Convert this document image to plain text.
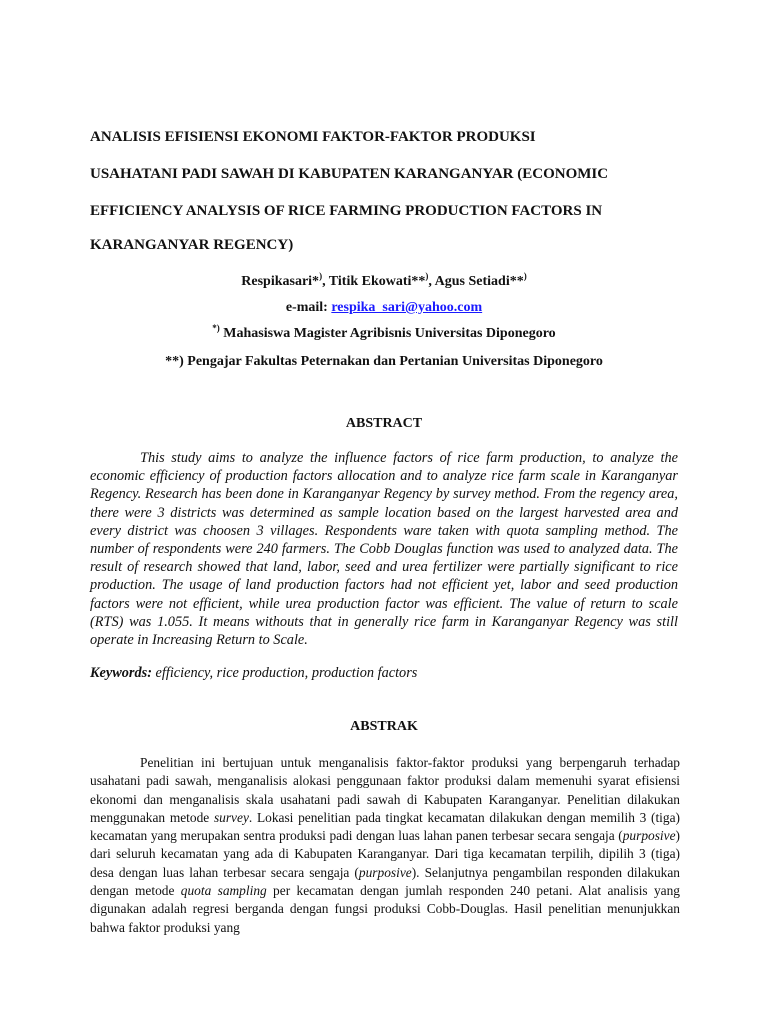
ANALISIS EFISIENSI EKONOMI FAKTOR-FAKTOR PRODUKSI
USAHATANI PADI SAWAH DI KABUPATEN KARANGANYAR (ECONOMIC
EFFICIENCY ANALYSIS OF RICE FARMING PRODUCTION FACTORS IN
KARANGANYAR REGENCY)
Respikasari*), Titik Ekowati**), Agus Setiadi**)
e-mail: respika_sari@yahoo.com
*) Mahasiswa Magister Agribisnis Universitas Diponegoro
**) Pengajar Fakultas Peternakan dan Pertanian Universitas Diponegoro
ABSTRACT
This study aims to analyze the influence factors of rice farm production, to analyze the economic efficiency of production factors allocation and to analyze rice farm scale in Karanganyar Regency. Research has been done in Karanganyar Regency by survey method. From the regency area, there were 3 districts was determined as sample location based on the largest harvested area and every district was choosen 3 villages. Respondents ware taken with quota sampling method. The number of respondents were 240 farmers. The Cobb Douglas function was used to analyzed data. The result of research showed that land, labor, seed and urea fertilizer were partially significant to rice production. The usage of land production factors had not efficient yet, labor and seed production factors were not efficient, while urea production factor was efficient. The value of return to scale (RTS) was 1.055. It means withouts that in generally rice farm in Karanganyar Regency was still operate in Increasing Return to Scale.
Keywords: efficiency, rice production, production factors
ABSTRAK
Penelitian ini bertujuan untuk menganalisis faktor-faktor produksi yang berpengaruh terhadap usahatani padi sawah, menganalisis alokasi penggunaan faktor produksi dalam memenuhi syarat efisiensi ekonomi dan menganalisis skala usahatani padi sawah di Kabupaten Karanganyar. Penelitian dilakukan menggunakan metode survey. Lokasi penelitian pada tingkat kecamatan dilakukan dengan memilih 3 (tiga) kecamatan yang merupakan sentra produksi padi dengan luas lahan panen terbesar secara sengaja (purposive) dari seluruh kecamatan yang ada di Kabupaten Karanganyar. Dari tiga kecamatan terpilih, dipilih 3 (tiga) desa dengan luas lahan terbesar secara sengaja (purposive). Selanjutnya pengambilan responden dilakukan dengan metode quota sampling per kecamatan dengan jumlah responden 240 petani. Alat analisis yang digunakan adalah regresi berganda dengan fungsi produksi Cobb-Douglas. Hasil penelitian menunjukkan bahwa faktor produksi yang
